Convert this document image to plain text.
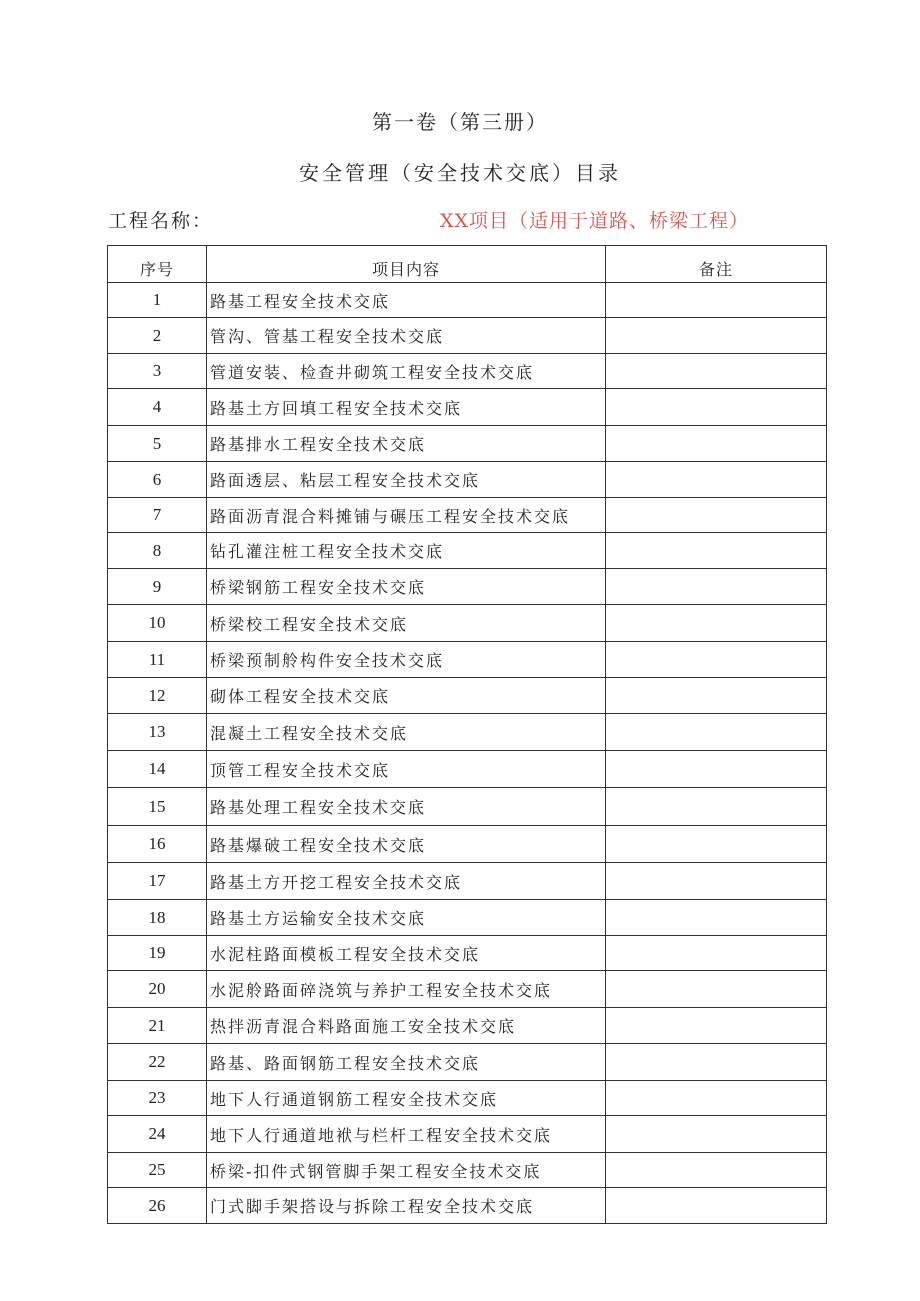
第一卷（第三册）
安全管理（安全技术交底）目录
工程名称：	XX项目（适用于道路、桥梁工程）
序号	项目内容	备注
1	路基工程安全技术交底	
2	管沟、管基工程安全技术交底	
3	管道安装、检查井砌筑工程安全技术交底	
4	路基土方回填工程安全技术交底	
5	路基排水工程安全技术交底	
6	路面透层、粘层工程安全技术交底	
7	路面沥青混合料摊铺与碾压工程安全技术交底	
8	钻孔灌注桩工程安全技术交底	
9	桥梁钢筋工程安全技术交底	
10	桥梁校工程安全技术交底	
11	桥梁预制舲构件安全技术交底	
12	砌体工程安全技术交底	
13	混凝土工程安全技术交底	
14	顶管工程安全技术交底	
15	路基处理工程安全技术交底	
16	路基爆破工程安全技术交底	
17	路基土方开挖工程安全技术交底	
18	路基土方运输安全技术交底	
19	水泥柱路面模板工程安全技术交底	
20	水泥舲路面碎浇筑与养护工程安全技术交底	
21	热拌沥青混合料路面施工安全技术交底	
22	路基、路面钢筋工程安全技术交底	
23	地下人行通道钢筋工程安全技术交底	
24	地下人行通道地袱与栏杆工程安全技术交底	
25	桥梁-扣件式钢管脚手架工程安全技术交底	
26	门式脚手架搭设与拆除工程安全技术交底	
